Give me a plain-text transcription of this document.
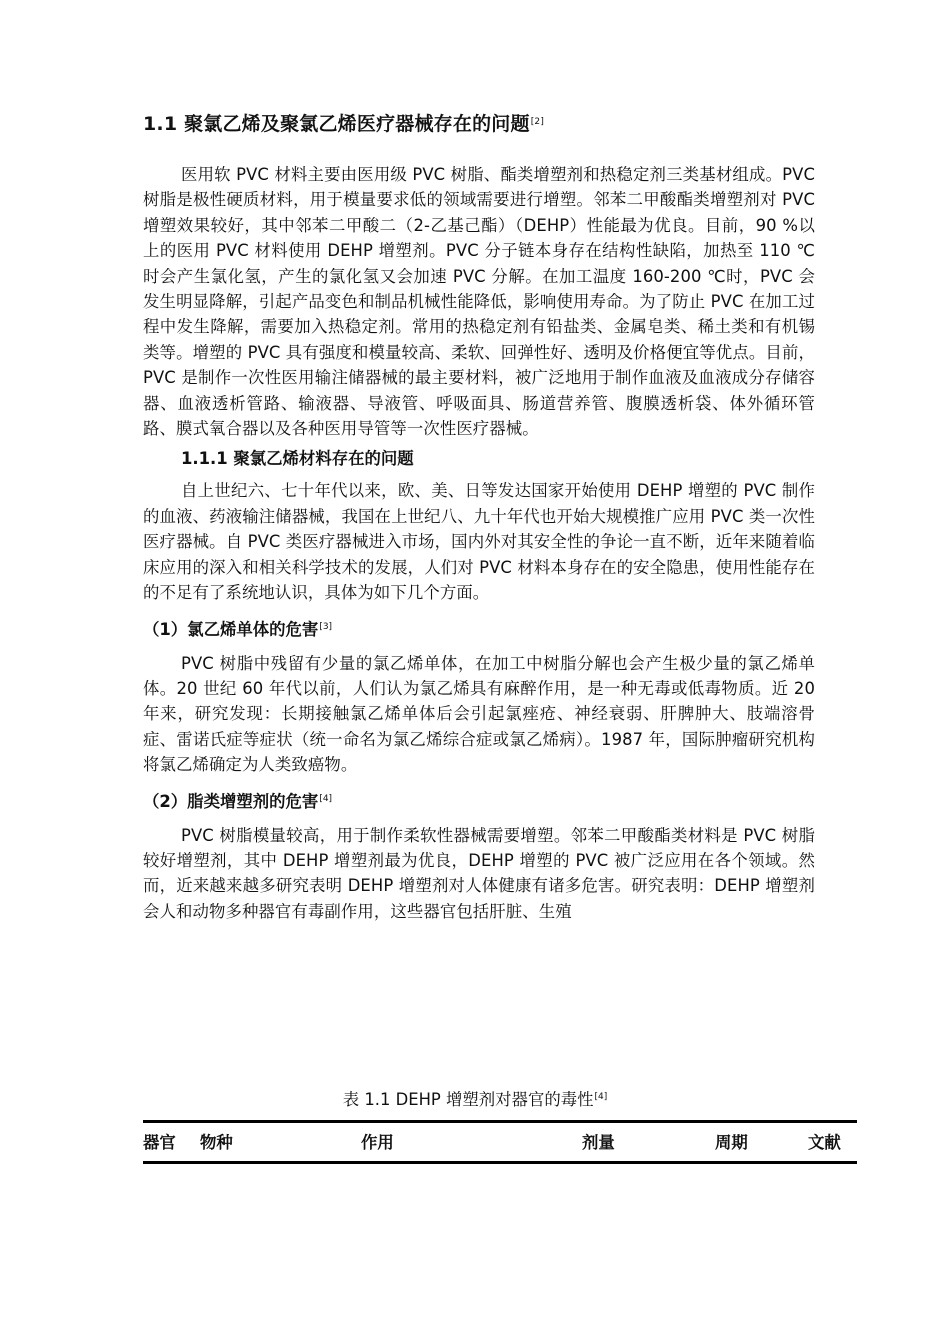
1.1 聚氯乙烯及聚氯乙烯医疗器械存在的问题[2]

医用软 PVC 材料主要由医用级 PVC 树脂、酯类增塑剂和热稳定剂三类基材组成。PVC 树脂是极性硬质材料，用于模量要求低的领域需要进行增塑。邻苯二甲酸酯类增塑剂对 PVC 增塑效果较好，其中邻苯二甲酸二（2-乙基己酯）（DEHP）性能最为优良。目前，90 %以上的医用 PVC 材料使用 DEHP 增塑剂。PVC 分子链本身存在结构性缺陷，加热至 110 ℃时会产生氯化氢，产生的氯化氢又会加速 PVC 分解。在加工温度 160-200 ℃时，PVC 会发生明显降解，引起产品变色和制品机械性能降低，影响使用寿命。为了防止 PVC 在加工过程中发生降解，需要加入热稳定剂。常用的热稳定剂有铅盐类、金属皂类、稀土类和有机锡类等。增塑的 PVC 具有强度和模量较高、柔软、回弹性好、透明及价格便宜等优点。目前，PVC 是制作一次性医用输注储器械的最主要材料，被广泛地用于制作血液及血液成分存储容器、血液透析管路、输液器、导液管、呼吸面具、肠道营养管、腹膜透析袋、体外循环管路、膜式氧合器以及各种医用导管等一次性医疗器械。

1.1.1 聚氯乙烯材料存在的问题

自上世纪六、七十年代以来，欧、美、日等发达国家开始使用 DEHP 增塑的 PVC 制作的血液、药液输注储器械，我国在上世纪八、九十年代也开始大规模推广应用 PVC 类一次性医疗器械。自 PVC 类医疗器械进入市场，国内外对其安全性的争论一直不断，近年来随着临床应用的深入和相关科学技术的发展，人们对 PVC 材料本身存在的安全隐患，使用性能存在的不足有了系统地认识，具体为如下几个方面。

（1）氯乙烯单体的危害[3]

PVC 树脂中残留有少量的氯乙烯单体，在加工中树脂分解也会产生极少量的氯乙烯单体。20 世纪 60 年代以前，人们认为氯乙烯具有麻醉作用，是一种无毒或低毒物质。近 20 年来，研究发现：长期接触氯乙烯单体后会引起氯痤疮、神经衰弱、肝脾肿大、肢端溶骨症、雷诺氏症等症状（统一命名为氯乙烯综合症或氯乙烯病）。1987 年，国际肿瘤研究机构将氯乙烯确定为人类致癌物。

（2）脂类增塑剂的危害[4]

PVC 树脂模量较高，用于制作柔软性器械需要增塑。邻苯二甲酸酯类材料是 PVC 树脂较好增塑剂，其中 DEHP 增塑剂最为优良，DEHP 增塑的 PVC 被广泛应用在各个领域。然而，近来越来越多研究表明 DEHP 增塑剂对人体健康有诸多危害。研究表明：DEHP 增塑剂会人和动物多种器官有毒副作用，这些器官包括肝脏、生殖

表 1.1 DEHP 增塑剂对器官的毒性[4]
器官 物种	作用	剂量	周期	文献
